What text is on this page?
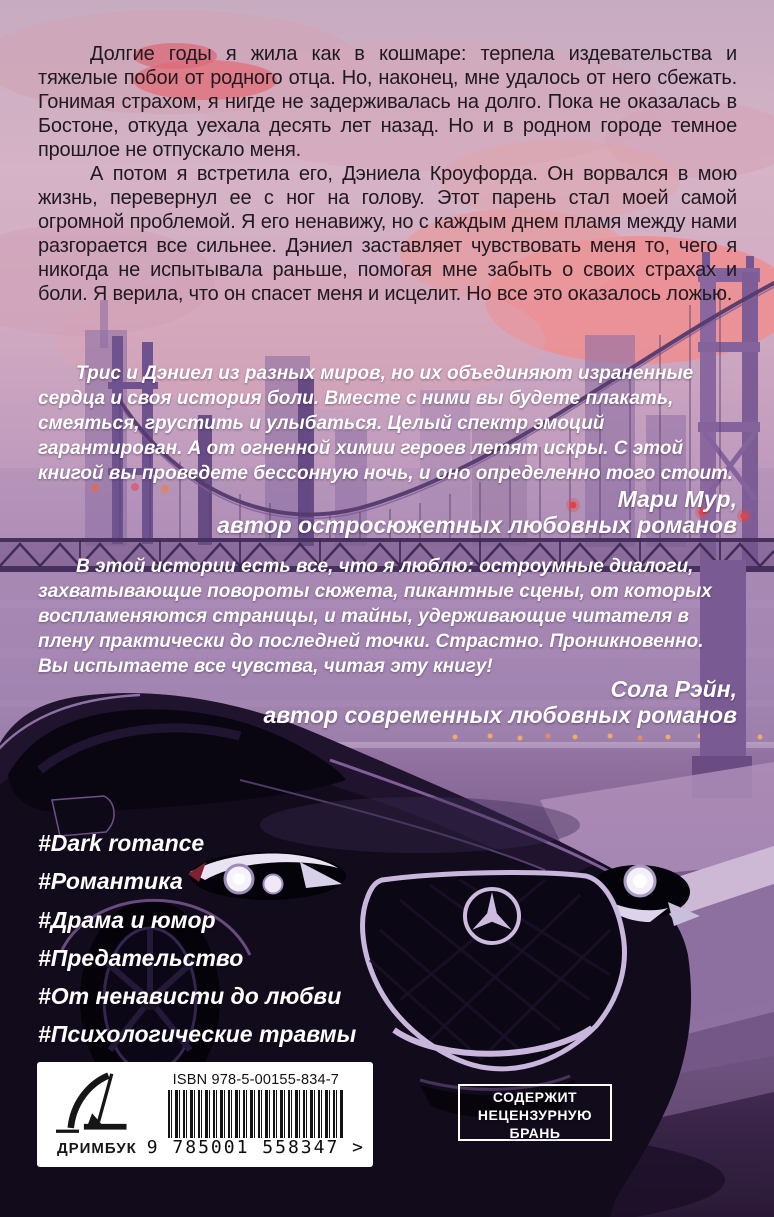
Долгие годы я жила как в кошмаре: терпела издевательства и тяжелые побои от родного отца. Но, наконец, мне удалось от него сбежать. Гонимая страхом, я нигде не задерживалась на долго. Пока не оказалась в Бостоне, откуда уехала десять лет назад. Но и в родном городе темное прошлое не отпускало меня.

А потом я встретила его, Дэниела Кроуфорда. Он ворвался в мою жизнь, перевернул ее с ног на голову. Этот парень стал моей самой огромной проблемой. Я его ненавижу, но с каждым днем пламя между нами разгорается все сильнее. Дэниел заставляет чувствовать меня то, чего я никогда не испытывала раньше, помогая мне забыть о своих страхах и боли. Я верила, что он спасет меня и исцелит. Но все это оказалось ложью.

Трис и Дэниел из разных миров, но их объединяют израненные сердца и своя история боли. Вместе с ними вы будете плакать, смеяться, грустить и улыбаться. Целый спектр эмоций гарантирован. А от огненной химии героев летят искры. С этой книгой вы проведете бессонную ночь, и оно определенно того стоит.
Мари Мур,
автор остросюжетных любовных романов
В этой истории есть все, что я люблю: остроумные диалоги, захватывающие повороты сюжета, пикантные сцены, от которых воспламеняются страницы, и тайны, удерживающие читателя в плену практически до последней точки. Страстно. Проникновенно. Вы испытаете все чувства, читая эту книгу!
Сола Рэйн,
автор современных любовных романов
#Dark romance
#Романтика
#Драма и юмор
#Предательство
#От ненависти до любви
#Психологические травмы
ДРИМБУК
ISBN 978-5-00155-834-7
9 785001 558347 >
СОДЕРЖИТ
НЕЦЕНЗУРНУЮ
БРАНЬ
